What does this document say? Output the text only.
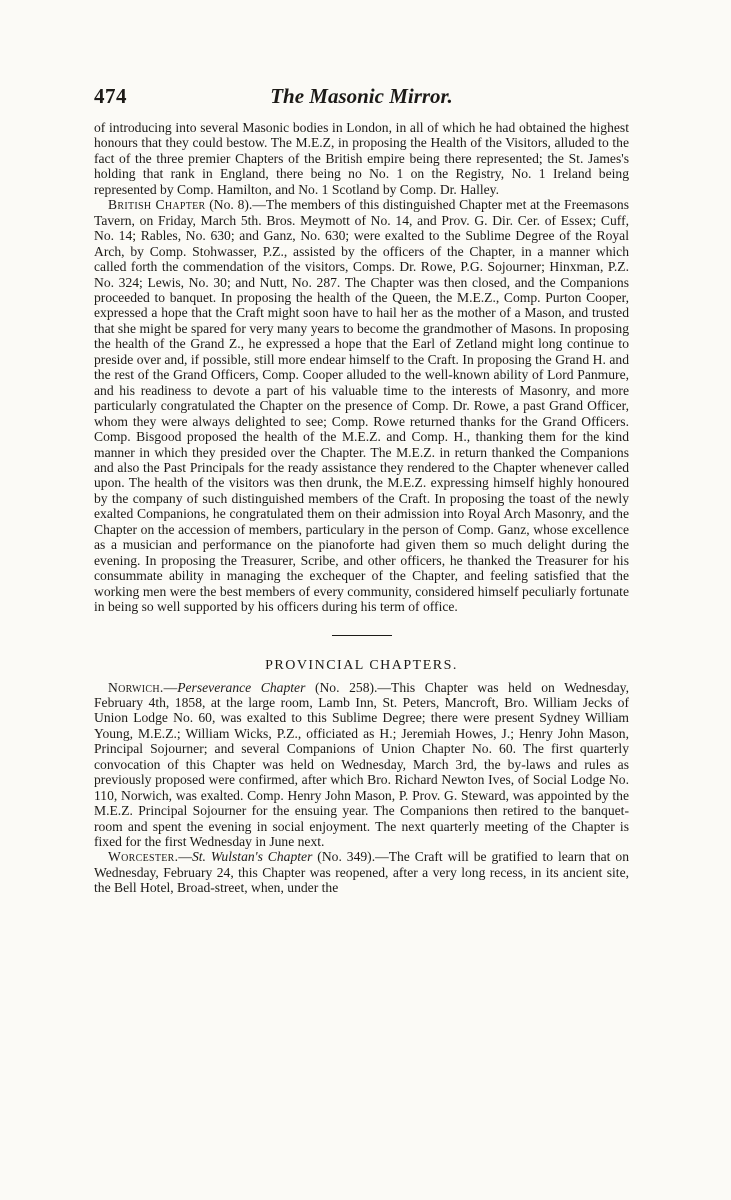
474	The Masonic Mirror.

of introducing into several Masonic bodies in London, in all of which he had obtained the highest honours that they could bestow. The M.E.Z, in proposing the Health of the Visitors, alluded to the fact of the three premier Chapters of the British empire being there represented; the St. James's holding that rank in England, there being no No. 1 on the Registry, No. 1 Ireland being represented by Comp. Hamilton, and No. 1 Scotland by Comp. Dr. Halley.

British Chapter (No. 8).—The members of this distinguished Chapter met at the Freemasons Tavern, on Friday, March 5th. Bros. Meymott of No. 14, and Prov. G. Dir. Cer. of Essex; Cuff, No. 14; Rables, No. 630; and Ganz, No. 630; were exalted to the Sublime Degree of the Royal Arch, by Comp. Stohwasser, P.Z., assisted by the officers of the Chapter, in a manner which called forth the commendation of the visitors, Comps. Dr. Rowe, P.G. Sojourner; Hinxman, P.Z. No. 324; Lewis, No. 30; and Nutt, No. 287. The Chapter was then closed, and the Companions proceeded to banquet. In proposing the health of the Queen, the M.E.Z., Comp. Purton Cooper, expressed a hope that the Craft might soon have to hail her as the mother of a Mason, and trusted that she might be spared for very many years to become the grandmother of Masons. In proposing the health of the Grand Z., he expressed a hope that the Earl of Zetland might long continue to preside over and, if possible, still more endear himself to the Craft. In proposing the Grand H. and the rest of the Grand Officers, Comp. Cooper alluded to the well-known ability of Lord Panmure, and his readiness to devote a part of his valuable time to the interests of Masonry, and more particularly congratulated the Chapter on the presence of Comp. Dr. Rowe, a past Grand Officer, whom they were always delighted to see; Comp. Rowe returned thanks for the Grand Officers. Comp. Bisgood proposed the health of the M.E.Z. and Comp. H., thanking them for the kind manner in which they presided over the Chapter. The M.E.Z. in return thanked the Companions and also the Past Principals for the ready assistance they rendered to the Chapter whenever called upon. The health of the visitors was then drunk, the M.E.Z. expressing himself highly honoured by the company of such distinguished members of the Craft. In proposing the toast of the newly exalted Companions, he congratulated them on their admission into Royal Arch Masonry, and the Chapter on the accession of members, particulary in the person of Comp. Ganz, whose excellence as a musician and performance on the pianoforte had given them so much delight during the evening. In proposing the Treasurer, Scribe, and other officers, he thanked the Treasurer for his consummate ability in managing the exchequer of the Chapter, and feeling satisfied that the working men were the best members of every community, considered himself peculiarly fortunate in being so well supported by his officers during his term of office.

PROVINCIAL CHAPTERS.

Norwich.—Perseverance Chapter (No. 258).—This Chapter was held on Wednesday, February 4th, 1858, at the large room, Lamb Inn, St. Peters, Mancroft, Bro. William Jecks of Union Lodge No. 60, was exalted to this Sublime Degree; there were present Sydney William Young, M.E.Z.; William Wicks, P.Z., officiated as H.; Jeremiah Howes, J.; Henry John Mason, Principal Sojourner; and several Companions of Union Chapter No. 60. The first quarterly convocation of this Chapter was held on Wednesday, March 3rd, the by-laws and rules as previously proposed were confirmed, after which Bro. Richard Newton Ives, of Social Lodge No. 110, Norwich, was exalted. Comp. Henry John Mason, P. Prov. G. Steward, was appointed by the M.E.Z. Principal Sojourner for the ensuing year. The Companions then retired to the banquet-room and spent the evening in social enjoyment. The next quarterly meeting of the Chapter is fixed for the first Wednesday in June next.

Worcester.—St. Wulstan's Chapter (No. 349).—The Craft will be gratified to learn that on Wednesday, February 24, this Chapter was reopened, after a very long recess, in its ancient site, the Bell Hotel, Broad-street, when, under the
